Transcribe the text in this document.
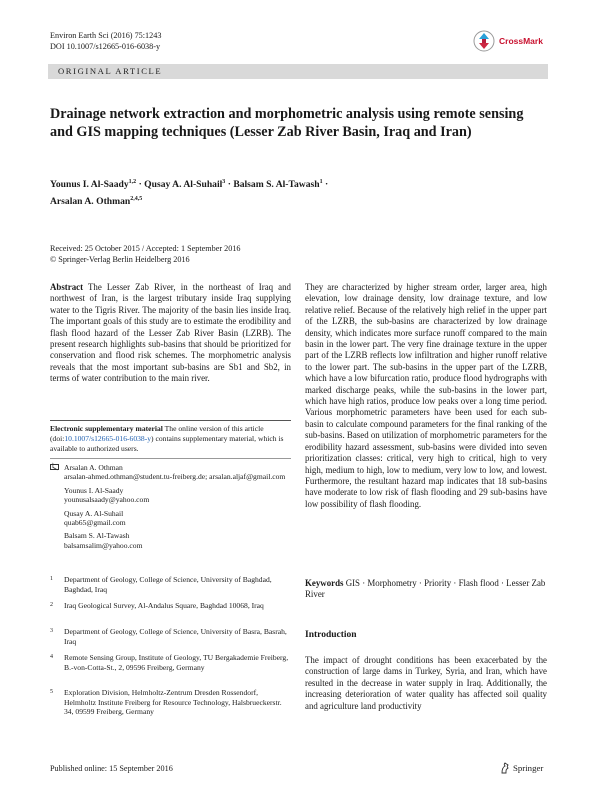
Environ Earth Sci (2016) 75:1243
DOI 10.1007/s12665-016-6038-y
CrossMark
ORIGINAL ARTICLE
Drainage network extraction and morphometric analysis using remote sensing and GIS mapping techniques (Lesser Zab River Basin, Iraq and Iran)
Younus I. Al-Saady$^{1,2}$ · Qusay A. Al-Suhail$^3$ · Balsam S. Al-Tawash$^1$ ·
Arsalan A. Othman$^{2,4,5}$
Received: 25 October 2015 / Accepted: 1 September 2016
© Springer-Verlag Berlin Heidelberg 2016
Abstract The Lesser Zab River, in the northeast of Iraq and northwest of Iran, is the largest tributary inside Iraq supplying water to the Tigris River. The majority of the basin lies inside Iraq. The important goals of this study are to estimate the erodibility and flash flood hazard of the Lesser Zab River Basin (LZRB). The present research highlights sub-basins that should be prioritized for conservation and flood risk schemes. The morphometric analysis reveals that the most important sub-basins are Sb1 and Sb2, in terms of water contribution to the main river.
Electronic supplementary material The online version of this article (doi:10.1007/s12665-016-6038-y) contains supplementary material, which is available to authorized users.
Arsalan A. Othman
arsalan-ahmed.othman@student.tu-freiberg.de; arsalan.aljaf@gmail.com
Younus I. Al-Saady
younusalsaady@yahoo.com
Qusay A. Al-Suhail
quab65@gmail.com
Balsam S. Al-Tawash
balsamsalim@yahoo.com
1 Department of Geology, College of Science, University of Baghdad, Baghdad, Iraq
2 Iraq Geological Survey, Al-Andalus Square, Baghdad 10068, Iraq
3 Department of Geology, College of Science, University of Basra, Basrah, Iraq
4 Remote Sensing Group, Institute of Geology, TU Bergakademie Freiberg, B.-von-Cotta-St., 2, 09596 Freiberg, Germany
5 Exploration Division, Helmholtz-Zentrum Dresden Rossendorf, Helmholtz Institute Freiberg for Resource Technology, Halsbrueckerstr. 34, 09599 Freiberg, Germany
They are characterized by higher stream order, larger area, high elevation, low drainage density, low drainage texture, and low relative relief. Because of the relatively high relief in the upper part of the LZRB, the sub-basins are characterized by low drainage density, which indicates more surface runoff compared to the main basin in the lower part. The very fine drainage texture in the upper part of the LZRB reflects low infiltration and higher runoff relative to the lower part. The sub-basins in the upper part of the LZRB, which have a low bifurcation ratio, produce flood hydrographs with marked discharge peaks, while the sub-basins in the lower part, which have high ratios, produce low peaks over a long time period. Various morphometric parameters have been used for each sub-basin to calculate compound parameters for the final ranking of the sub-basins. Based on utilization of morphometric parameters for the erodibility hazard assessment, sub-basins were divided into seven prioritization classes: critical, very high to critical, high to very high, medium to high, low to medium, very low to low, and lowest. Furthermore, the resultant hazard map indicates that 18 sub-basins have moderate to low risk of flash flooding and 29 sub-basins have low possibility of flash flooding.
Keywords GIS · Morphometry · Priority · Flash flood · Lesser Zab River
Introduction
The impact of drought conditions has been exacerbated by the construction of large dams in Turkey, Syria, and Iran, which have resulted in the decrease in water supply in Iraq. Additionally, the increasing deterioration of water quality has affected soil quality and agriculture land productivity
Published online: 15 September 2016	Springer
